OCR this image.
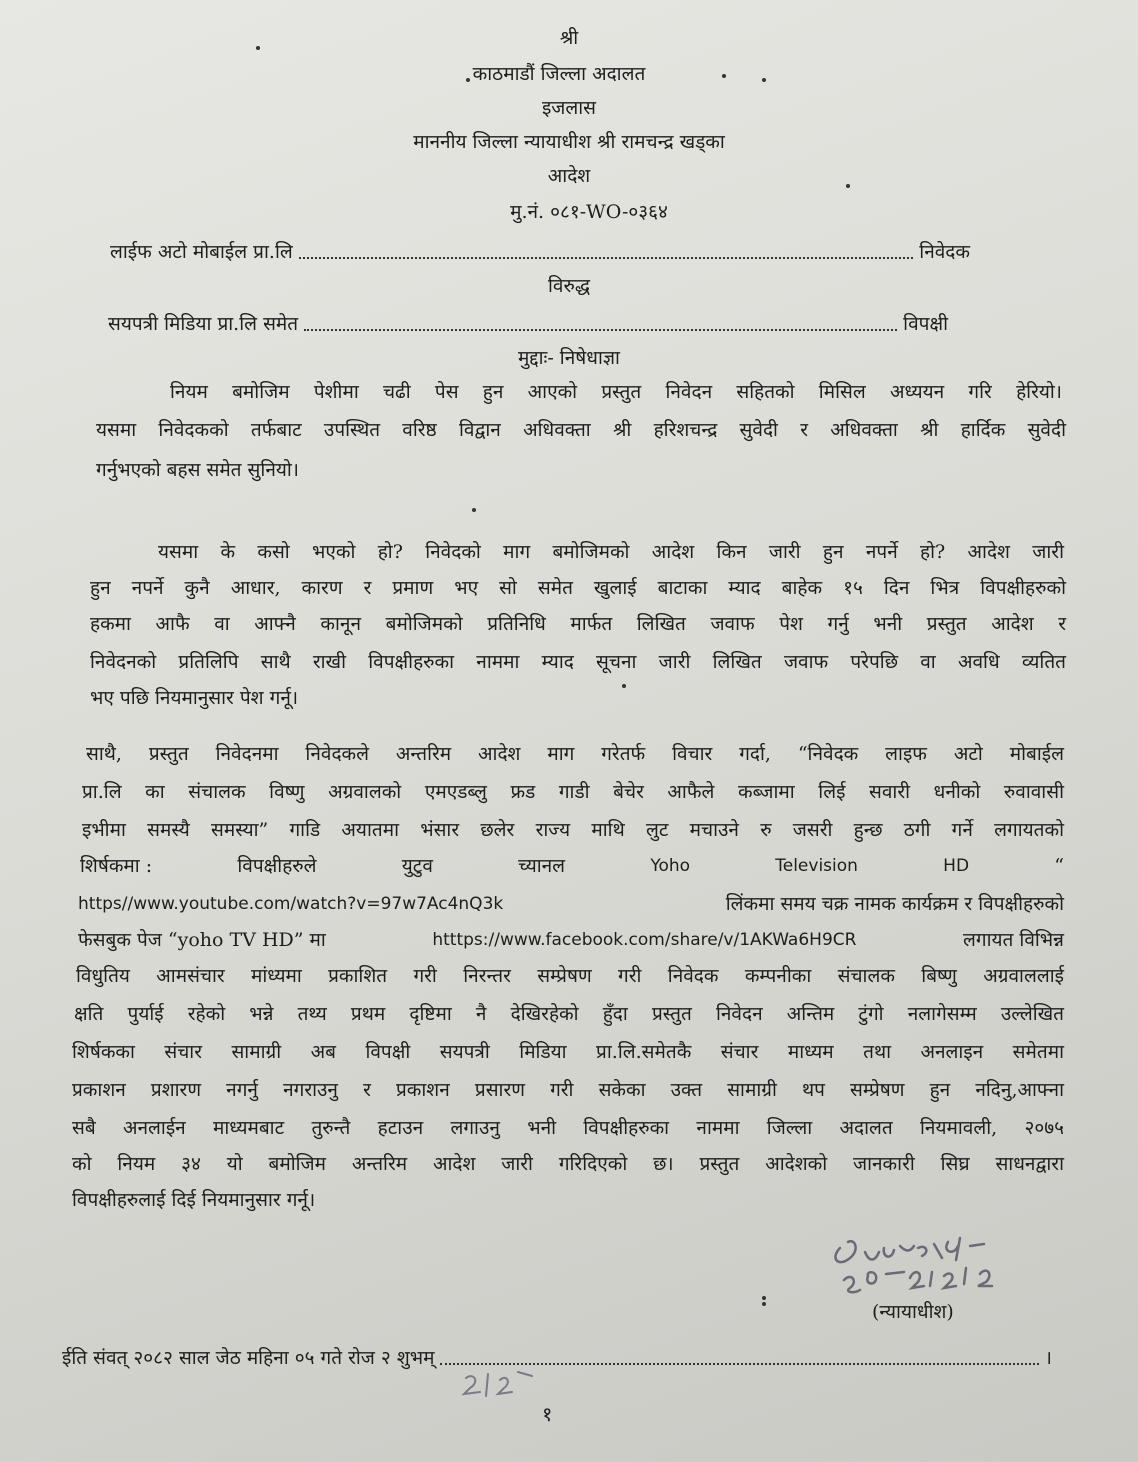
श्री
काठमाडौं जिल्ला अदालत
इजलास
माननीय जिल्ला न्यायाधीश श्री रामचन्द्र खड्का
आदेश
मु.नं. ०८१-WO-०३६४
लाईफ अटो मोबाईल प्रा.लि	निवेदक
विरुद्ध
सयपत्री मिडिया प्रा.लि समेत	विपक्षी
मुद्दाः- निषेधाज्ञा
नियम बमोजिम पेशीमा चढी पेस हुन आएको प्रस्तुत निवेदन सहितको मिसिल अध्ययन गरि हेरियो।
यसमा निवेदकको तर्फबाट उपस्थित वरिष्ठ विद्वान अधिवक्ता श्री हरिशचन्द्र सुवेदी र अधिवक्ता श्री हार्दिक सुवेदी
गर्नुभएको बहस समेत सुनियो।
यसमा के कसो भएको हो? निवेदको माग बमोजिमको आदेश किन जारी हुन नपर्ने हो? आदेश जारी
हुन नपर्ने कुनै आधार, कारण र प्रमाण भए सो समेत खुलाई बाटाका म्याद बाहेक १५ दिन भित्र विपक्षीहरुको
हकमा आफै वा आफ्नै कानून बमोजिमको प्रतिनिधि मार्फत लिखित जवाफ पेश गर्नु भनी प्रस्तुत आदेश र
निवेदनको प्रतिलिपि साथै राखी विपक्षीहरुका नाममा म्याद सूचना जारी लिखित जवाफ परेपछि वा अवधि व्यतित
भए पछि नियमानुसार पेश गर्नू।
साथै, प्रस्तुत निवेदनमा निवेदकले अन्तरिम आदेश माग गरेतर्फ विचार गर्दा, “निवेदक लाइफ अटो मोबाईल
प्रा.लि का संचालक विष्णु अग्रवालको एमएडब्लु फ्रड गाडी बेचेर आफैले कब्जामा लिई सवारी धनीको रुवावासी
इभीमा समस्यै समस्या” गाडि अयातमा भंसार छलेर राज्य माथि लुट मचाउने रु जसरी हुन्छ ठगी गर्ने लगायतको
शिर्षकमा :	विपक्षीहरुले	युटुव	च्यानल	Yoho	Television	HD	“
https//www.youtube.com/watch?v=97w7Ac4nQ3k	लिंकमा समय चक्र नामक कार्यक्रम र विपक्षीहरुको
फेसबुक पेज “yoho TV HD” मा	htttps://www.facebook.com/share/v/1AKWa6H9CR	लगायत विभिन्न
विधुतिय आमसंचार मांध्यमा प्रकाशित गरी निरन्तर सम्प्रेषण गरी निवेदक कम्पनीका संचालक बिष्णु अग्रवाललाई
क्षति पुर्याई रहेको भन्ने तथ्य प्रथम दृष्टिमा नै देखिरहेको हुँदा प्रस्तुत निवेदन अन्तिम टुंगो नलागेसम्म उल्लेखित
शिर्षकका संचार सामाग्री अब विपक्षी सयपत्री मिडिया प्रा.लि.समेतकै संचार माध्यम तथा अनलाइन समेतमा
प्रकाशन प्रशारण नगर्नु नगराउनु र प्रकाशन प्रसारण गरी सकेका उक्त सामाग्री थप सम्प्रेषण हुन नदिनु,आफ्ना
सबै अनलाईन माध्यमबाट तुरुन्तै हटाउन लगाउनु भनी विपक्षीहरुका नाममा जिल्ला अदालत नियमावली, २०७५
को नियम ३४ यो बमोजिम अन्तरिम आदेश जारी गरिदिएको छ। प्रस्तुत आदेशको जानकारी सिघ्र साधनद्वारा
विपक्षीहरुलाई दिई नियमानुसार गर्नू।
(न्यायाधीश)
ईति संवत् २०८२ साल जेठ महिना ०५ गते रोज २ शुभम्	।
१
